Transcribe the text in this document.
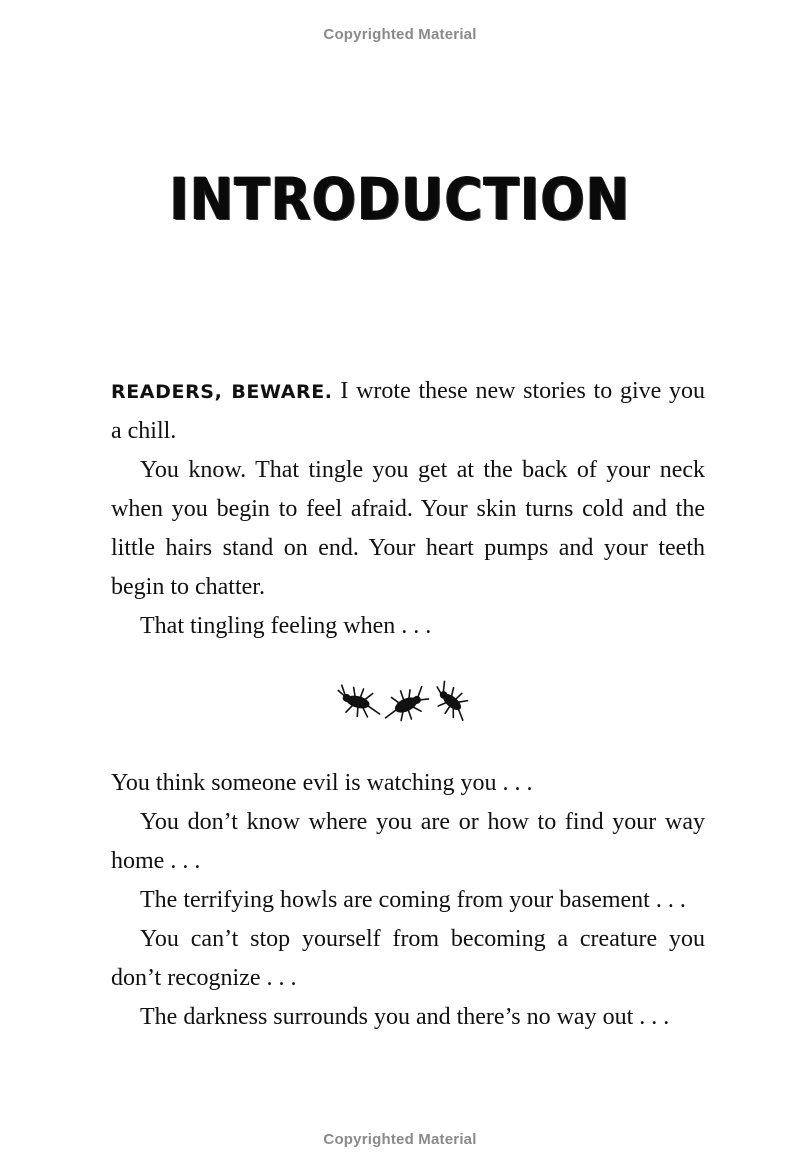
Copyrighted Material
INTRODUCTION

READERS, BEWARE. I wrote these new stories to give you a chill.

You know. That tingle you get at the back of your neck when you begin to feel afraid. Your skin turns cold and the little hairs stand on end. Your heart pumps and your teeth begin to chatter.

That tingling feeling when . . .

You think someone evil is watching you . . .

You don’t know where you are or how to find your way home . . .

The terrifying howls are coming from your basement . . .

You can’t stop yourself from becoming a creature you don’t recognize . . .

The darkness surrounds you and there’s no way out . . .

Copyrighted Material
